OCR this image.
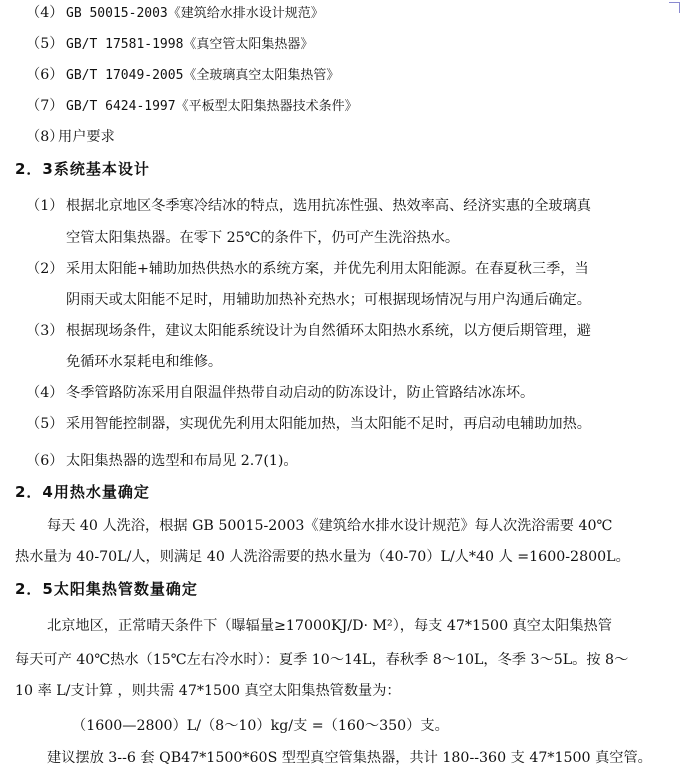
（4） GB 50015-2003《建筑给水排水设计规范》
（5） GB/T 17581-1998《真空管太阳集热器》
（6） GB/T 17049-2005《全玻璃真空太阳集热管》
（7） GB/T 6424-1997《平板型太阳集热器技术条件》
（8）用户要求
2．3系统基本设计
（1） 根据北京地区冬季寒冷结冰的特点，选用抗冻性强、热效率高、经济实惠的全玻璃真
空管太阳集热器。在零下 25℃的条件下，仍可产生洗浴热水。
（2） 采用太阳能+辅助加热供热水的系统方案，并优先利用太阳能源。在春夏秋三季，当
阴雨天或太阳能不足时，用辅助加热补充热水；可根据现场情况与用户沟通后确定。
（3） 根据现场条件，建议太阳能系统设计为自然循环太阳热水系统，以方便后期管理，避
免循环水泵耗电和维修。
（4） 冬季管路防冻采用自限温伴热带自动启动的防冻设计，防止管路结冰冻坏。
（5） 采用智能控制器，实现优先利用太阳能加热，当太阳能不足时，再启动电辅助加热。
（6） 太阳集热器的选型和布局见 2.7(1)。
2．4用热水量确定
每天 40 人洗浴，根据 GB 50015-2003《建筑给水排水设计规范》每人次洗浴需要 40℃
热水量为 40-70L/人，则满足 40 人洗浴需要的热水量为（40-70）L/人*40 人 =1600-2800L。
2．5太阳集热管数量确定
北京地区，正常晴天条件下（曝辐量≥17000KJ/D· M²），每支 47*1500 真空太阳集热管
每天可产 40℃热水（15℃左右冷水时）：夏季 10～14L，春秋季 8～10L，冬季 3～5L。按 8～
10 率 L/支计算 ，则共需 47*1500 真空太阳集热管数量为：
（1600—2800）L/（8～10）kg/支 =（160～350）支。
建议摆放 3--6 套 QB47*1500*60S 型型真空管集热器，共计 180--360 支 47*1500 真空管。
